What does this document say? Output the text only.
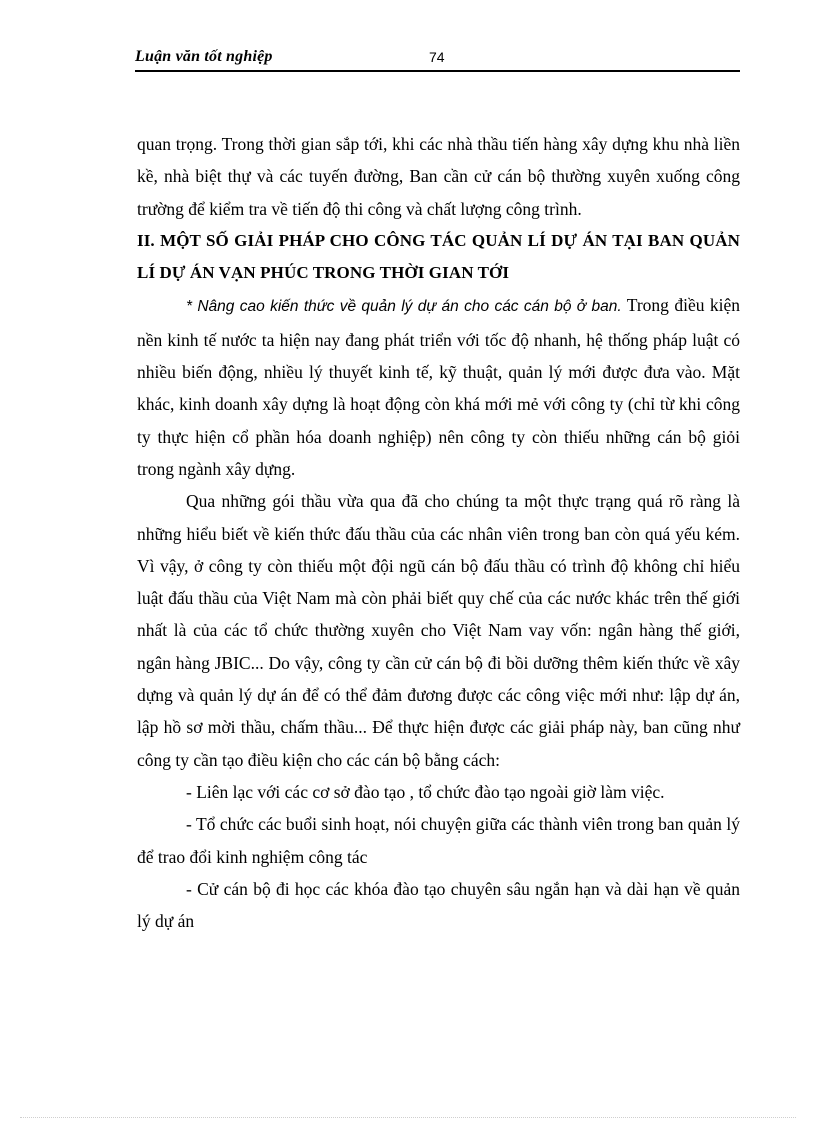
Luận văn tốt nghiệp	74

quan trọng. Trong thời gian sắp tới, khi các nhà thầu tiến hàng xây dựng khu nhà liền kề, nhà biệt thự và các tuyến đường, Ban cần cử cán bộ thường xuyên xuống công trường để kiểm tra về tiến độ thi công và chất lượng công trình.

II. MỘT SỐ GIẢI PHÁP CHO CÔNG TÁC QUẢN LÍ DỰ ÁN TẠI BAN QUẢN LÍ DỰ ÁN VẠN PHÚC TRONG THỜI GIAN TỚI

* Nâng cao kiến thức về quản lý dự án cho các cán bộ ở ban. Trong điều kiện nền kinh tế nước ta hiện nay đang phát triển với tốc độ nhanh, hệ thống pháp luật có nhiều biến động, nhiều lý thuyết kinh tế, kỹ thuật, quản lý mới được đưa vào. Mặt khác, kinh doanh xây dựng là hoạt động còn khá mới mẻ với công ty (chỉ từ khi công ty thực hiện cổ phần hóa doanh nghiệp) nên công ty còn thiếu những cán bộ giỏi trong ngành xây dựng.

Qua những gói thầu vừa qua đã cho chúng ta một thực trạng quá rõ ràng là những hiểu biết về kiến thức đấu thầu của các nhân viên trong ban còn quá yếu kém. Vì vậy, ở công ty còn thiếu một đội ngũ cán bộ đấu thầu có trình độ không chỉ hiểu luật đấu thầu của Việt Nam mà còn phải biết quy chế của các nước khác trên thế giới nhất là của các tổ chức thường xuyên cho Việt Nam vay vốn: ngân hàng thế giới, ngân hàng JBIC... Do vậy, công ty cần cử cán bộ đi bồi dưỡng thêm kiến thức về xây dựng và quản lý dự án để có thể đảm đương được các công việc mới như: lập dự án, lập hồ sơ mời thầu, chấm thầu... Để thực hiện được các giải pháp này, ban cũng như công ty cần tạo điều kiện cho các cán bộ bằng cách:

- Liên lạc với các cơ sở đào tạo , tổ chức đào tạo ngoài giờ làm việc.

- Tổ chức các buổi sinh hoạt, nói chuyện giữa các thành viên trong ban quản lý để trao đổi kinh nghiệm công tác

- Cử cán bộ đi học các khóa đào tạo chuyên sâu ngắn hạn và dài hạn về quản lý dự án
